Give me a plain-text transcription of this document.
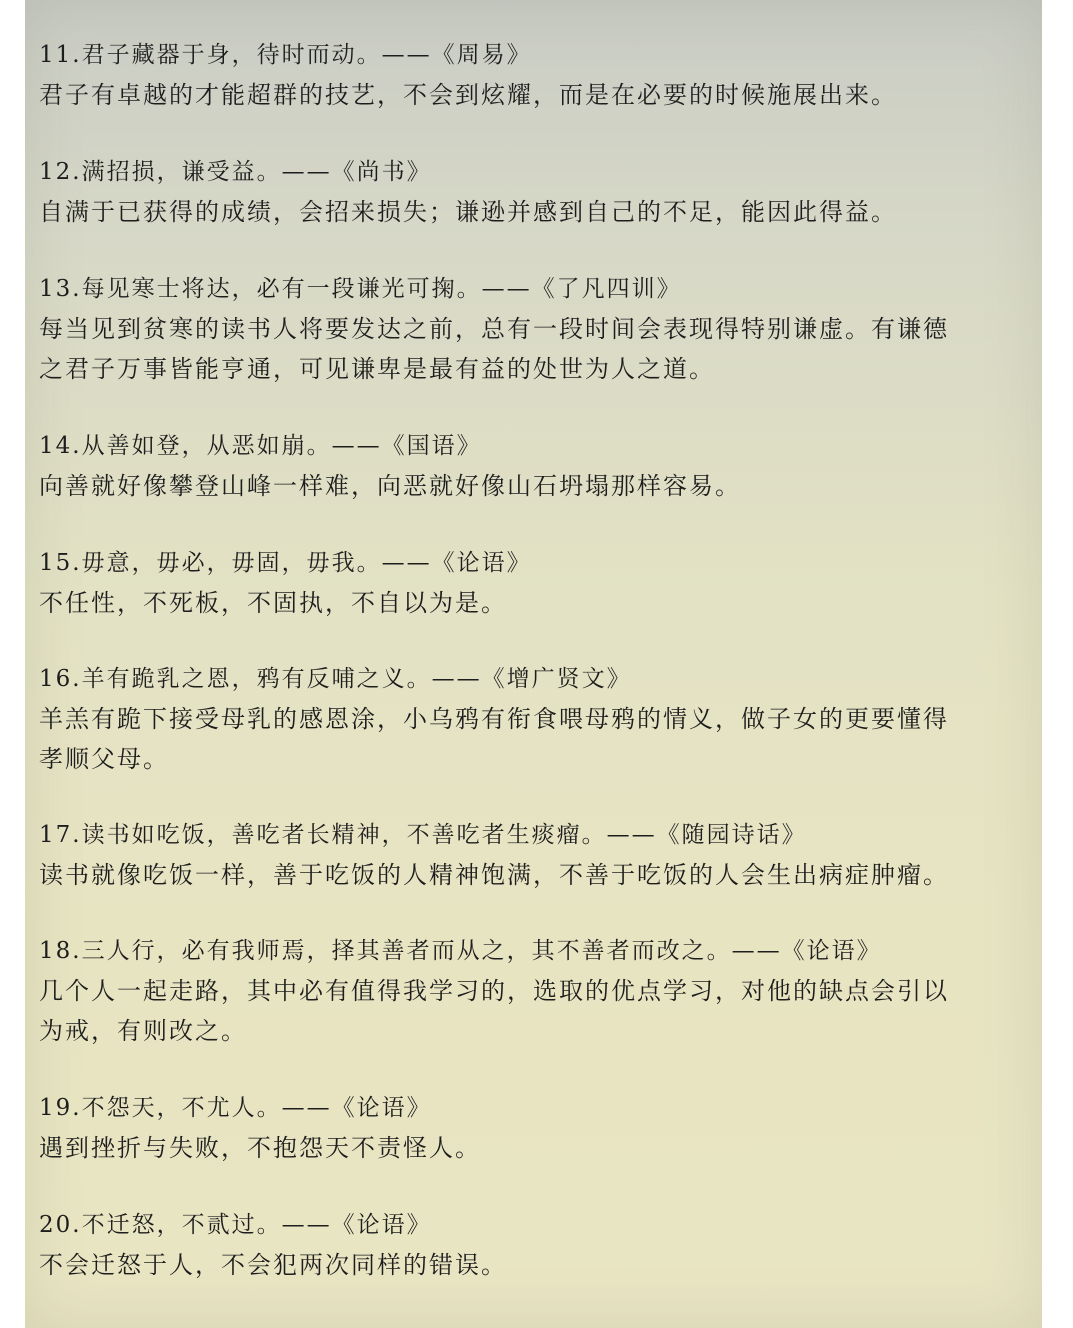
11.君子藏器于身，待时而动。——《周易》
君子有卓越的才能超群的技艺，不会到炫耀，而是在必要的时候施展出来。
12.满招损，谦受益。——《尚书》
自满于已获得的成绩，会招来损失；谦逊并感到自己的不足，能因此得益。
13.每见寒士将达，必有一段谦光可掬。——《了凡四训》
每当见到贫寒的读书人将要发达之前，总有一段时间会表现得特别谦虚。有谦德
之君子万事皆能亨通，可见谦卑是最有益的处世为人之道。
14.从善如登，从恶如崩。——《国语》
向善就好像攀登山峰一样难，向恶就好像山石坍塌那样容易。
15.毋意，毋必，毋固，毋我。——《论语》
不任性，不死板，不固执，不自以为是。
16.羊有跪乳之恩，鸦有反哺之义。——《增广贤文》
羊羔有跪下接受母乳的感恩涂，小乌鸦有衔食喂母鸦的情义，做子女的更要懂得
孝顺父母。
17.读书如吃饭，善吃者长精神，不善吃者生痰瘤。——《随园诗话》
读书就像吃饭一样，善于吃饭的人精神饱满，不善于吃饭的人会生出病症肿瘤。
18.三人行，必有我师焉，择其善者而从之，其不善者而改之。——《论语》
几个人一起走路，其中必有值得我学习的，选取的优点学习，对他的缺点会引以
为戒，有则改之。
19.不怨天，不尤人。——《论语》
遇到挫折与失败，不抱怨天不责怪人。
20.不迁怒，不贰过。——《论语》
不会迁怒于人，不会犯两次同样的错误。
